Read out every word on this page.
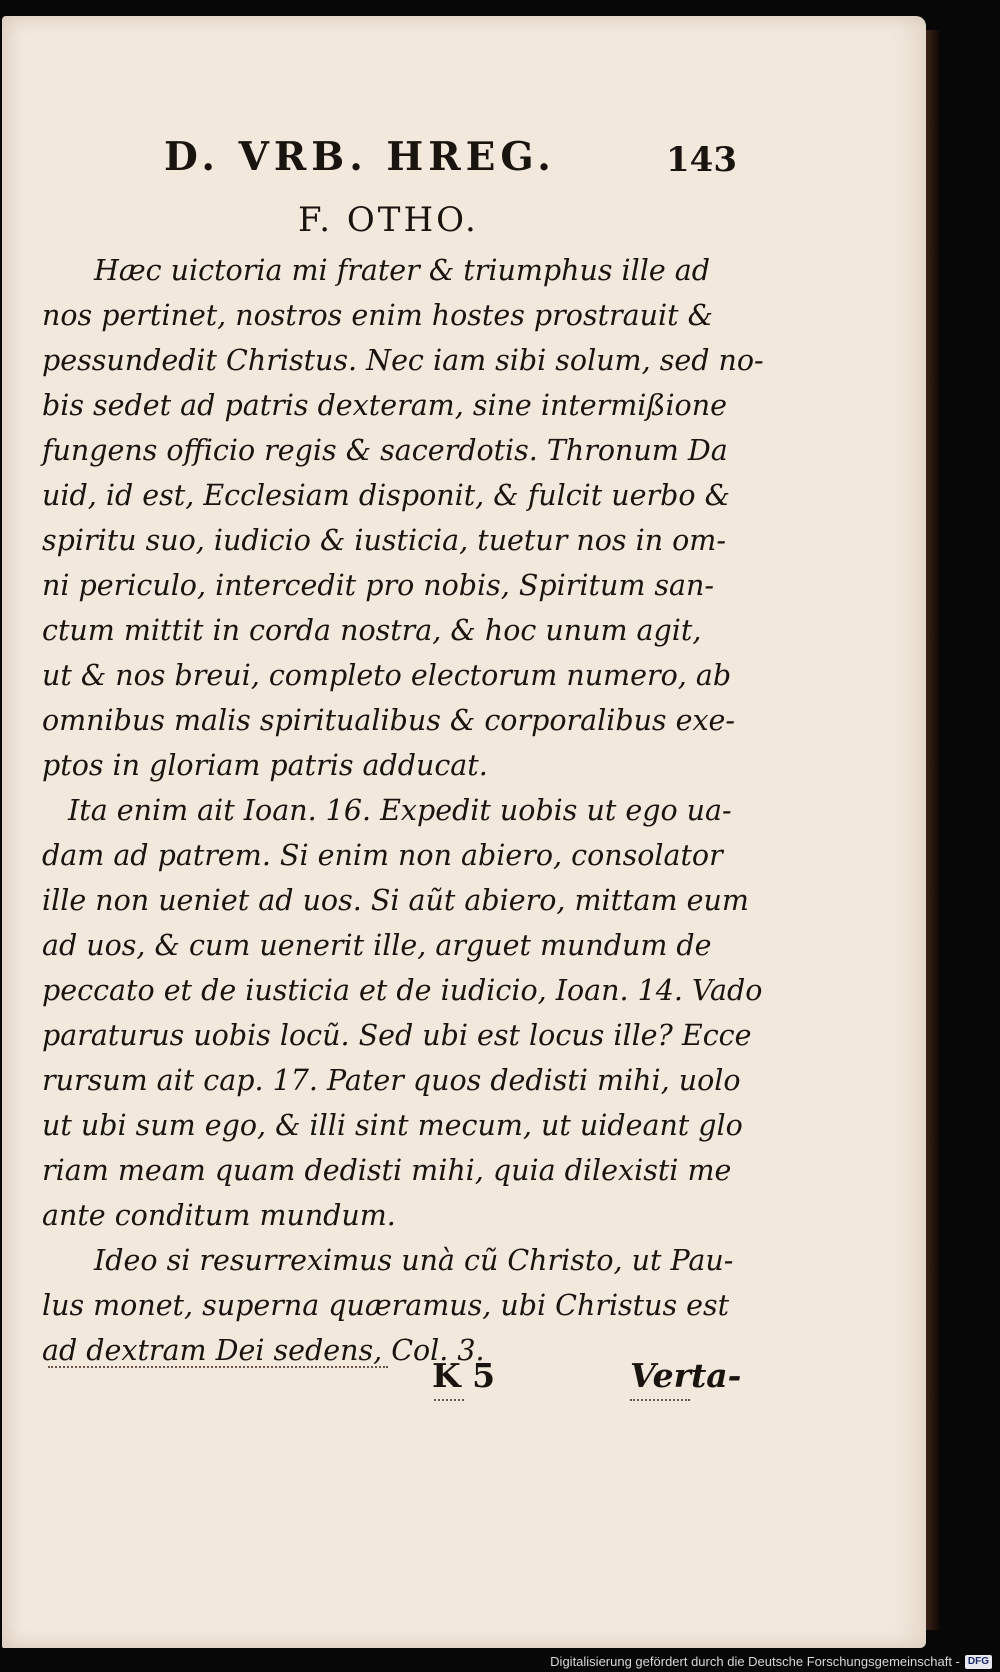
D. VRB. HREG.	143
F. OTHO.
Hæc uictoria mi frater & triumphus ille ad
nos pertinet, nostros enim hostes prostrauit &
pessundedit Christus. Nec iam sibi solum, sed no-
bis sedet ad patris dexteram, sine intermißione
fungens officio regis & sacerdotis. Thronum Da
uid, id est, Ecclesiam disponit, & fulcit uerbo &
spiritu suo, iudicio & iusticia, tuetur nos in om-
ni periculo, intercedit pro nobis, Spiritum san-
ctum mittit in corda nostra, & hoc unum agit,
ut & nos breui, completo electorum numero, ab
omnibus malis spiritualibus & corporalibus exe-
ptos in gloriam patris adducat.
Ita enim ait Ioan. 16. Expedit uobis ut ego ua-
dam ad patrem. Si enim non abiero, consolator
ille non ueniet ad uos. Si aũt abiero, mittam eum
ad uos, & cum uenerit ille, arguet mundum de
peccato et de iusticia et de iudicio, Ioan. 14. Vado
paraturus uobis locũ. Sed ubi est locus ille? Ecce
rursum ait cap. 17. Pater quos dedisti mihi, uolo
ut ubi sum ego, & illi sint mecum, ut uideant glo
riam meam quam dedisti mihi, quia dilexisti me
ante conditum mundum.
Ideo si resurreximus unà cũ Christo, ut Pau-
lus monet, superna quæramus, ubi Christus est
ad dextram Dei sedens, Col. 3.
K 5	Verta-
Digitalisierung gefördert durch die Deutsche Forschungsgemeinschaft - DFG
